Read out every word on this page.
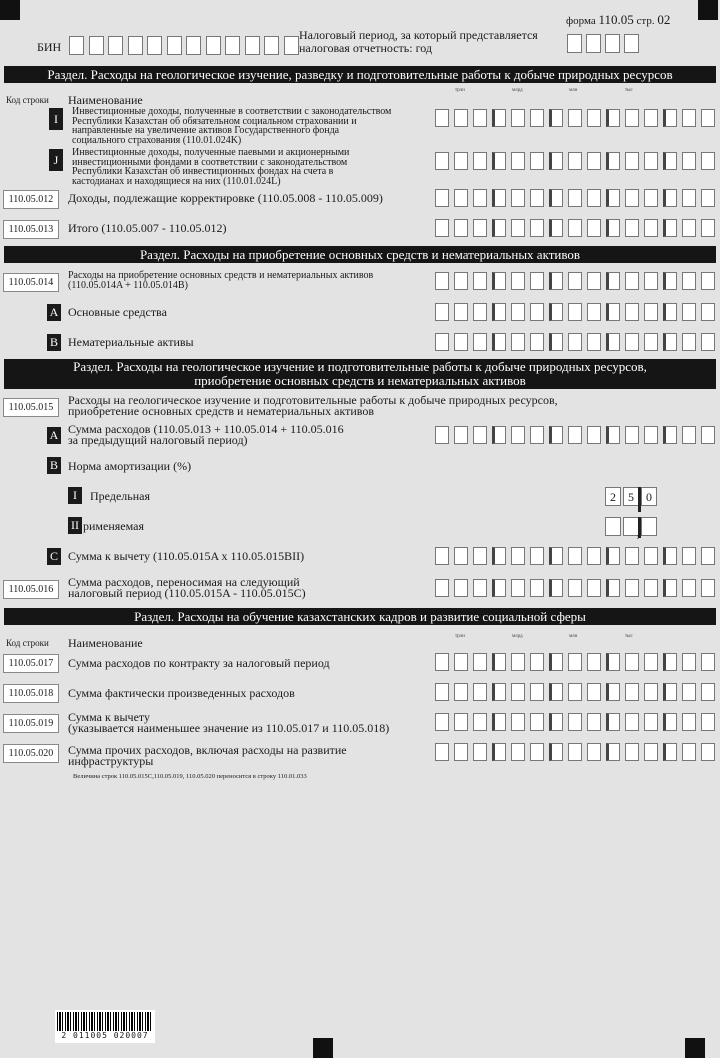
форма 110.05 стр. 02
БИН
Налоговый период, за который представляется
налоговая отчетность: год
Раздел. Расходы на геологическое изучение, разведку и подготовительные работы к добыче природных ресурсов
Код строки Наименование
трлн	млрд	млн	тыс
I
Инвестиционные доходы, полученные в соответствии с законодательством
Республики Казахстан об обязательном социальном страховании и
направленные на увеличение активов Государственного фонда
социального страхования (110.01.024K)
J
Инвестиционные доходы, полученные паевыми и акционерными
инвестиционными фондами в соответствии с законодательством
Республики Казахстан об инвестиционных фондах на счета в
кастодианах и находящиеся на них (110.01.024L)
110.05.012	Доходы, подлежащие корректировке (110.05.008 - 110.05.009)
110.05.013	Итого (110.05.007 - 110.05.012)
Раздел. Расходы на приобретение основных средств и нематериальных активов
110.05.014
Расходы на приобретение основных средств и нематериальных активов
(110.05.014A + 110.05.014B)
A Основные средства
B Нематериальные активы
Раздел. Расходы на геологическое изучение и подготовительные работы к добыче природных ресурсов,
приобретение основных средств и нематериальных активов
110.05.015
Расходы на геологическое изучение и подготовительные работы к добыче природных ресурсов,
приобретение основных средств и нематериальных активов
A Сумма расходов (110.05.013 + 110.05.014 + 110.05.016
за предыдущий налоговый период)
B Норма амортизации (%)
I	Предельная	2	5	0
II рименяемая	,
C Сумма к вычету (110.05.015A x 110.05.015BII)
110.05.016
Сумма расходов, переносимая на следующий
налоговый период (110.05.015A - 110.05.015C)
Раздел. Расходы на обучение казахстанских кадров и развитие социальной сферы
Код строки Наименование	трлн	млрд	млн	тыс
110.05.017	Сумма расходов по контракту за налоговый период
110.05.018	Сумма фактически произведенных расходов
110.05.019	Сумма к вычету
(указывается наименьшее значение из 110.05.017 и 110.05.018)
110.05.020	Сумма прочих расходов, включая расходы на развитие
инфраструктуры
Величина строк 110.05.015C,110.05.019, 110.05.020 переносится в строку 110.01.033
2 011005 020007
